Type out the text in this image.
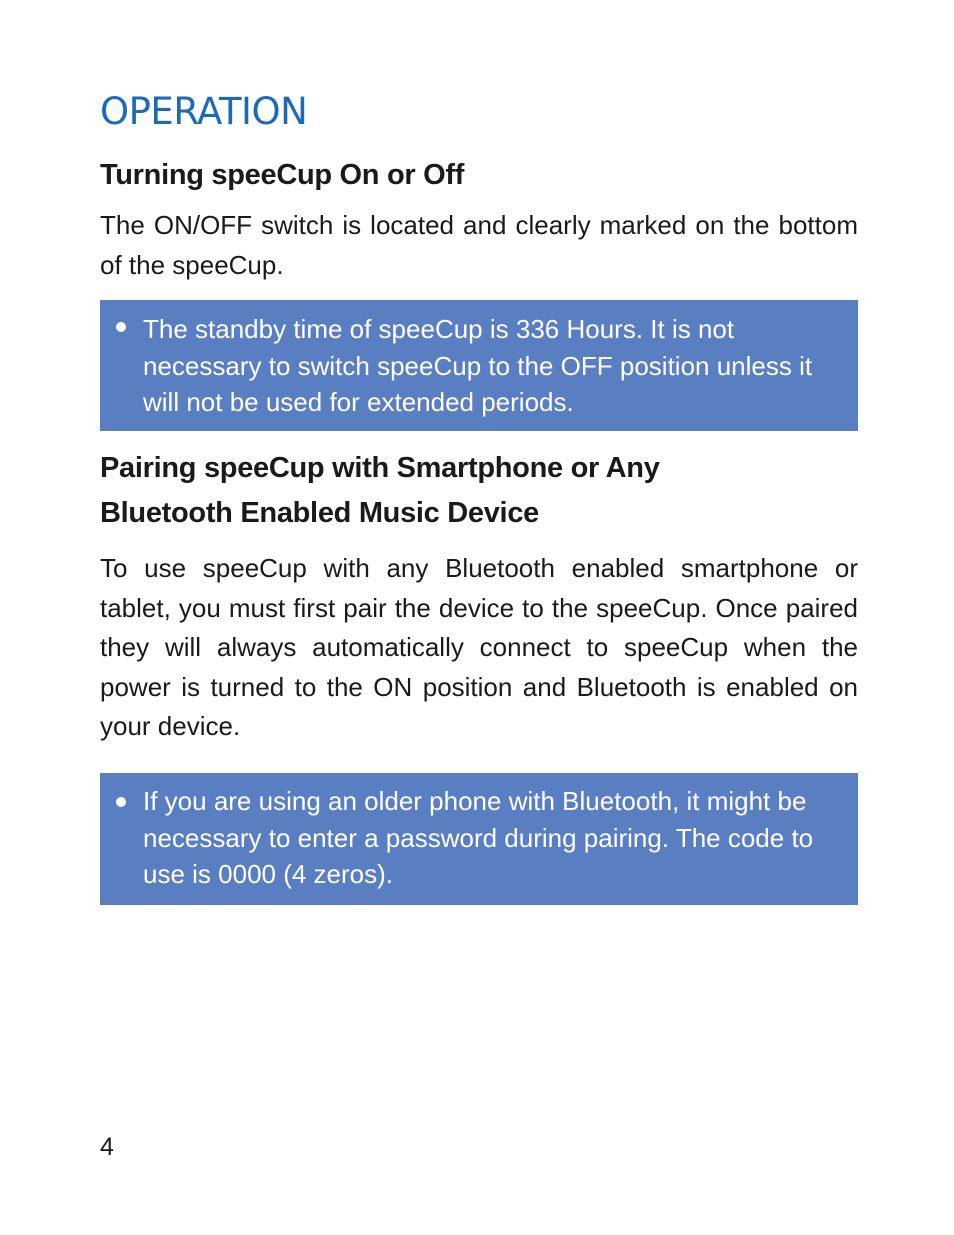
OPERATION
Turning speeCup On or Off

The ON/OFF switch is located and clearly marked on the bottom of the speeCup.

The standby time of speeCup is 336 Hours. It is not necessary to switch speeCup to the OFF position unless it will not be used for extended periods.
Pairing speeCup with Smartphone or Any
Bluetooth Enabled Music Device

To use speeCup with any Bluetooth enabled smartphone or tablet, you must first pair the device to the speeCup. Once paired they will always automatically connect to speeCup when the power is turned to the ON position and Bluetooth is enabled on your device.

If you are using an older phone with Bluetooth, it might be necessary to enter a password during pairing. The code to use is 0000 (4 zeros).
4
